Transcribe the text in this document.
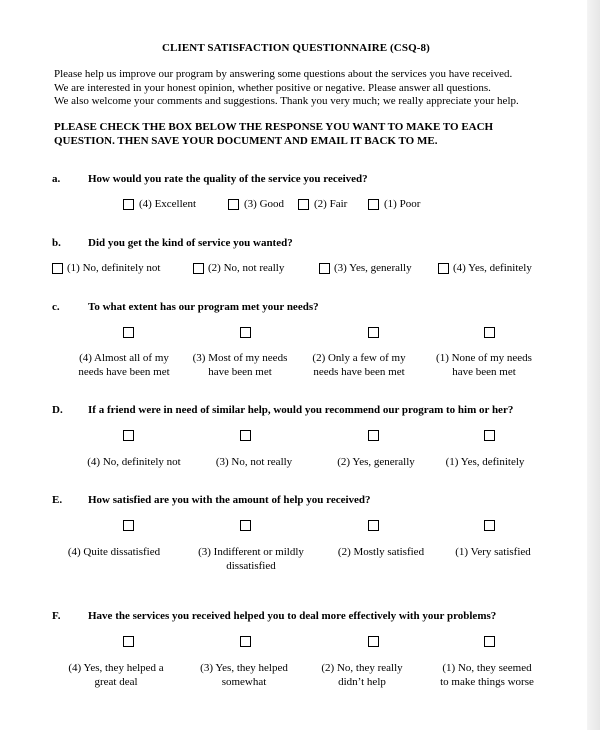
CLIENT SATISFACTION QUESTIONNAIRE (CSQ-8)
Please help us improve our program by answering some questions about the services you have received.
We are interested in your honest opinion, whether positive or negative. Please answer all questions.
We also welcome your comments and suggestions. Thank you very much; we really appreciate your help.
PLEASE CHECK THE BOX BELOW THE RESPONSE YOU WANT TO MAKE TO EACH
QUESTION. THEN SAVE YOUR DOCUMENT AND EMAIL IT BACK TO ME.
a.	How would you rate the quality of the service you received?
(4) Excellent	(3) Good	(2) Fair	(1) Poor
b. Did you get the kind of service you wanted?
(1) No, definitely not	(2) No, not really	(3) Yes, generally	(4) Yes, definitely
c.	To what extent has our program met your needs?
(4) Almost all of my
needs have been met
(3) Most of my needs
have been met
(2) Only a few of my
needs have been met
(1) None of my needs
have been met
D. If a friend were in need of similar help, would you recommend our program to him or her?
(4) No, definitely not	(3) No, not really	(2) Yes, generally	(1) Yes, definitely
E. How satisfied are you with the amount of help you received?
(4) Quite dissatisfied	(3) Indifferent or mildly
dissatisfied
(2) Mostly satisfied	(1) Very satisfied
F.	Have the services you received helped you to deal more effectively with your problems?
(4) Yes, they helped a
great deal
(3) Yes, they helped
somewhat
(2) No, they really
didn’t help
(1) No, they seemed
to make things worse
